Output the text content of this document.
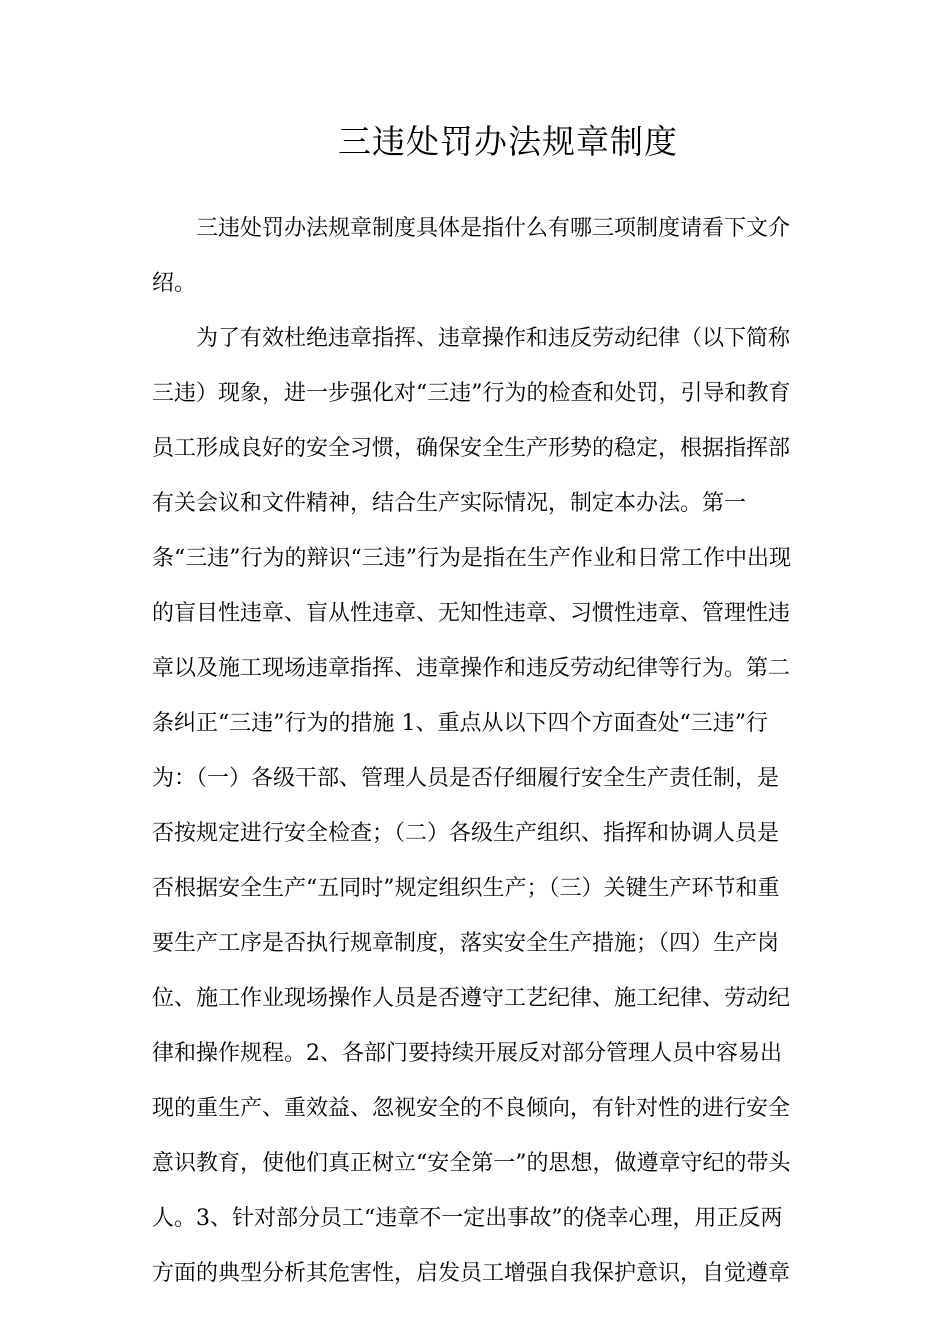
三违处罚办法规章制度
三违处罚办法规章制度具体是指什么有哪三项制度请看下文介
绍。
为了有效杜绝违章指挥、违章操作和违反劳动纪律（以下简称
三违）现象，进一步强化对“三违”行为的检查和处罚，引导和教育
员工形成良好的安全习惯，确保安全生产形势的稳定，根据指挥部
有关会议和文件精神，结合生产实际情况，制定本办法。第一
条“三违”行为的辩识“三违”行为是指在生产作业和日常工作中出现
的盲目性违章、盲从性违章、无知性违章、习惯性违章、管理性违
章以及施工现场违章指挥、违章操作和违反劳动纪律等行为。第二
条纠正“三违”行为的措施 1、重点从以下四个方面查处“三违”行
为：（一）各级干部、管理人员是否仔细履行安全生产责任制，是
否按规定进行安全检查；（二）各级生产组织、指挥和协调人员是
否根据安全生产“五同时”规定组织生产；（三）关键生产环节和重
要生产工序是否执行规章制度，落实安全生产措施；（四）生产岗
位、施工作业现场操作人员是否遵守工艺纪律、施工纪律、劳动纪
律和操作规程。2、各部门要持续开展反对部分管理人员中容易出
现的重生产、重效益、忽视安全的不良倾向，有针对性的进行安全
意识教育，使他们真正树立“安全第一”的思想，做遵章守纪的带头
人。3、针对部分员工“违章不一定出事故”的侥幸心理，用正反两
方面的典型分析其危害性，启发员工增强自我保护意识，自觉遵章
